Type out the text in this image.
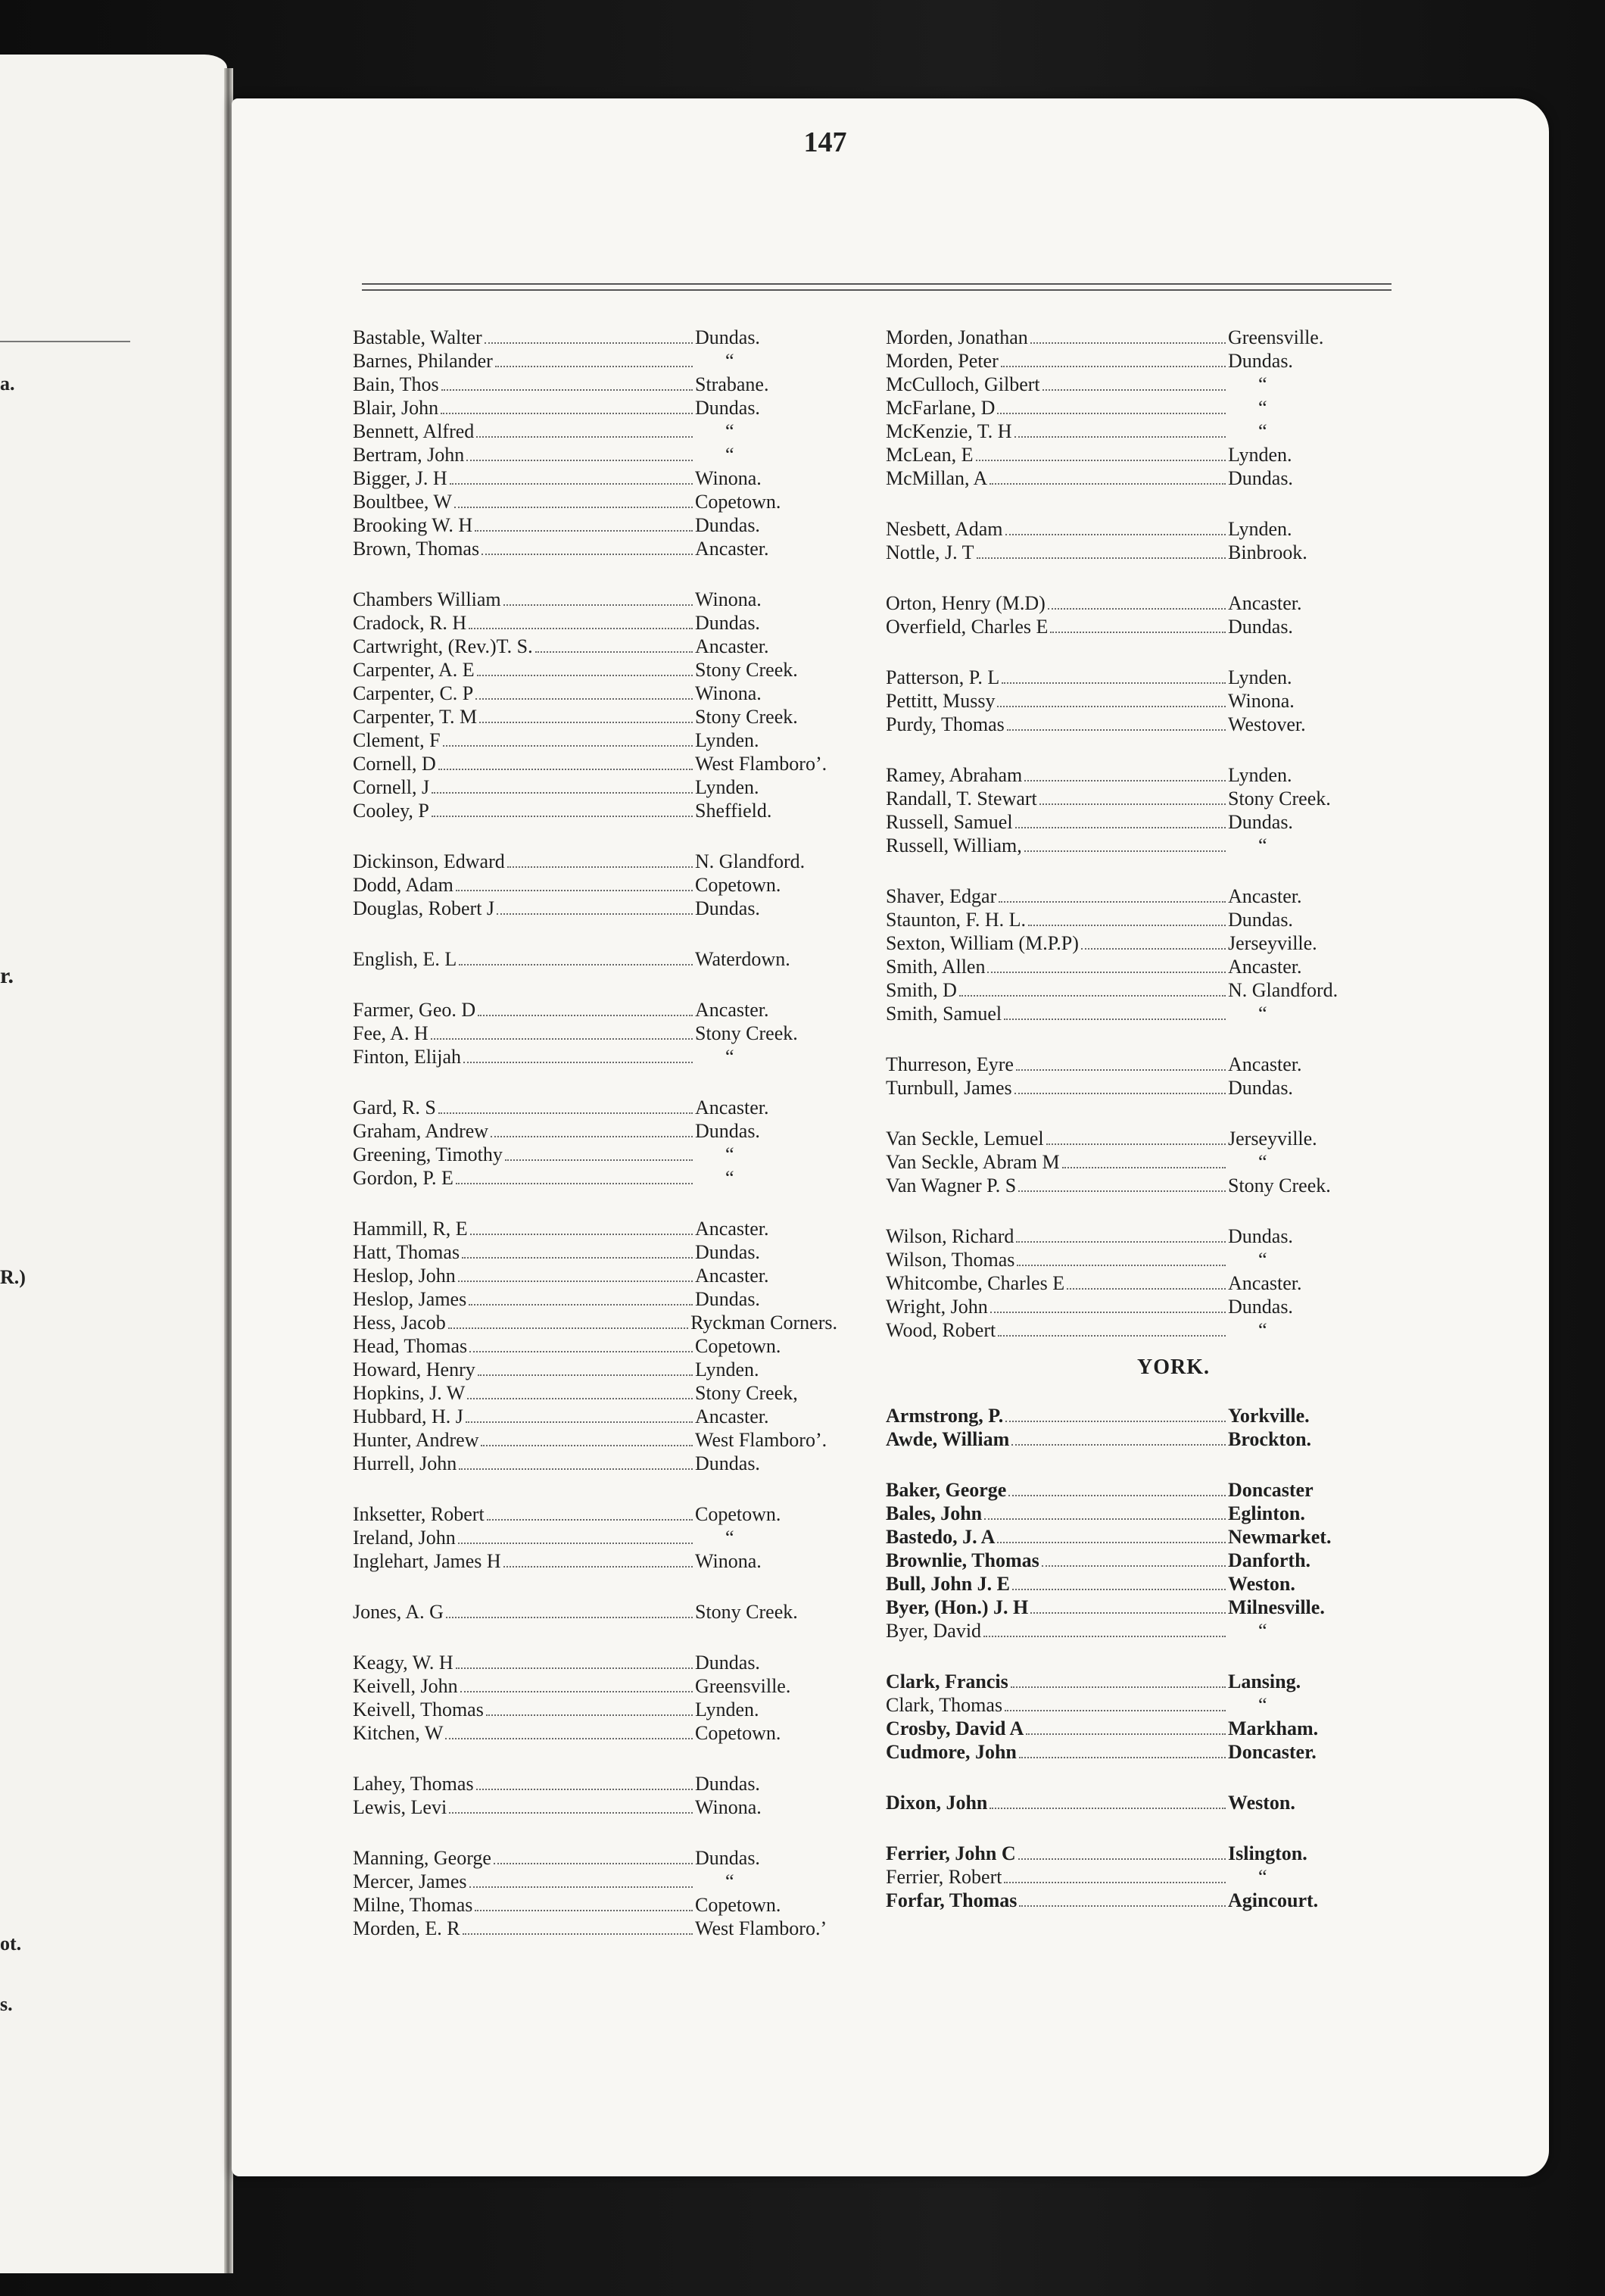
a.
r.
R.)
ot.
s.
147
Bastable, Walter	Dundas.
Barnes, Philander	“
Bain, Thos	Strabane.
Blair, John	Dundas.
Bennett, Alfred	“
Bertram, John	“
Bigger, J. H	Winona.
Boultbee, W	Copetown.
Brooking W. H	Dundas.
Brown, Thomas	Ancaster.
Chambers William	Winona.
Cradock, R. H	Dundas.
Cartwright, (Rev.)T. S.	Ancaster.
Carpenter, A. E	Stony Creek.
Carpenter, C. P	Winona.
Carpenter, T. M	Stony Creek.
Clement, F	Lynden.
Cornell, D	West Flamboro’.
Cornell, J	Lynden.
Cooley, P	Sheffield.
Dickinson, Edward	N. Glandford.
Dodd, Adam	Copetown.
Douglas, Robert J	Dundas.
English, E. L	Waterdown.
Farmer, Geo. D	Ancaster.
Fee, A. H	Stony Creek.
Finton, Elijah	“
Gard, R. S	Ancaster.
Graham, Andrew	Dundas.
Greening, Timothy	“
Gordon, P. E	“
Hammill, R, E	Ancaster.
Hatt, Thomas	Dundas.
Heslop, John	Ancaster.
Heslop, James	Dundas.
Hess, Jacob	Ryckman Corners.
Head, Thomas	Copetown.
Howard, Henry	Lynden.
Hopkins, J. W	Stony Creek,
Hubbard, H. J	Ancaster.
Hunter, Andrew	West Flamboro’.
Hurrell, John	Dundas.
Inksetter, Robert	Copetown.
Ireland, John	“
Inglehart, James H	Winona.
Jones, A. G	Stony Creek.
Keagy, W. H	Dundas.
Keivell, John	Greensville.
Keivell, Thomas	Lynden.
Kitchen, W	Copetown.
Lahey, Thomas	Dundas.
Lewis, Levi	Winona.
Manning, George	Dundas.
Mercer, James	“
Milne, Thomas	Copetown.
Morden, E. R	West Flamboro.’
Morden, Jonathan	Greensville.
Morden, Peter	Dundas.
McCulloch, Gilbert	“
McFarlane, D	“
McKenzie, T. H	“
McLean, E	Lynden.
McMillan, A	Dundas.
Nesbett, Adam	Lynden.
Nottle, J. T	Binbrook.
Orton, Henry (M.D)	Ancaster.
Overfield, Charles E	Dundas.
Patterson, P. L	Lynden.
Pettitt, Mussy	Winona.
Purdy, Thomas	Westover.
Ramey, Abraham	Lynden.
Randall, T. Stewart	Stony Creek.
Russell, Samuel	Dundas.
Russell, William,	“
Shaver, Edgar	Ancaster.
Staunton, F. H. L.	Dundas.
Sexton, William (M.P.P)	Jerseyville.
Smith, Allen	Ancaster.
Smith, D	N. Glandford.
Smith, Samuel	“
Thurreson, Eyre	Ancaster.
Turnbull, James	Dundas.
Van Seckle, Lemuel	Jerseyville.
Van Seckle, Abram M	“
Van Wagner P. S	Stony Creek.
Wilson, Richard	Dundas.
Wilson, Thomas	“
Whitcombe, Charles E	Ancaster.
Wright, John	Dundas.
Wood, Robert	“
YORK.
Armstrong, P.	Yorkville.
Awde, William	Brockton.
Baker, George	Doncaster
Bales, John	Eglinton.
Bastedo, J. A	Newmarket.
Brownlie, Thomas	Danforth.
Bull, John J. E	Weston.
Byer, (Hon.) J. H	Milnesville.
Byer, David	“
Clark, Francis	Lansing.
Clark, Thomas	“
Crosby, David A	Markham.
Cudmore, John	Doncaster.
Dixon, John	Weston.
Ferrier, John C	Islington.
Ferrier, Robert	“
Forfar, Thomas	Agincourt.
